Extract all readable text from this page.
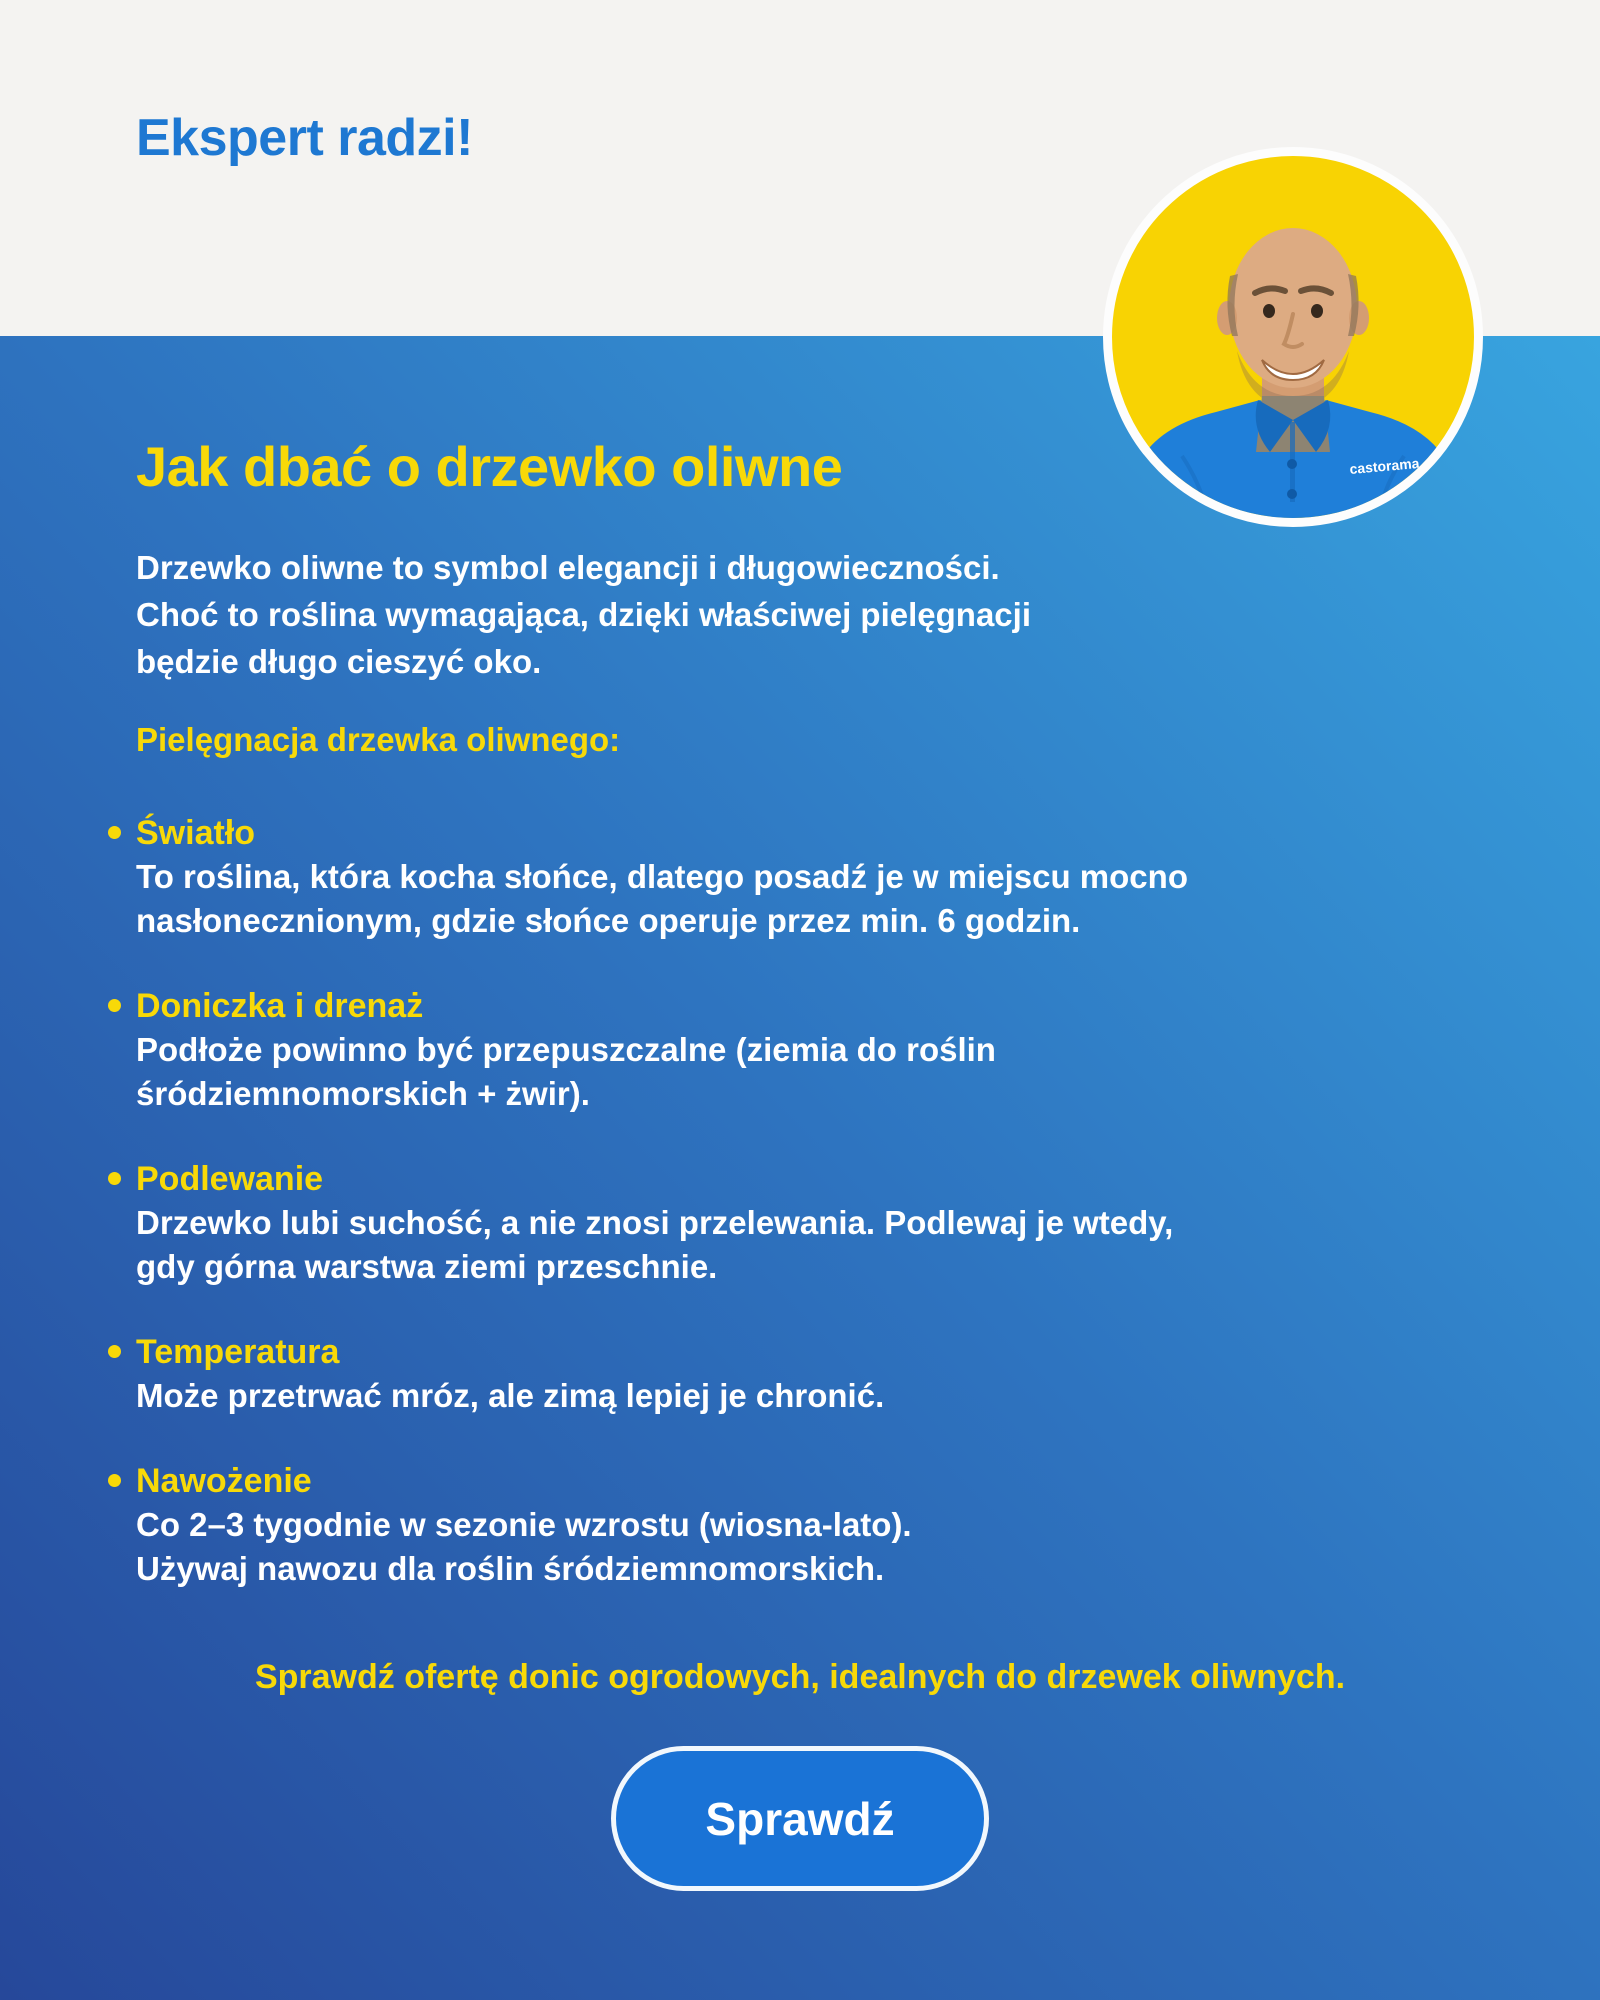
Ekspert radzi!
Jak dbać o drzewko oliwne

Drzewko oliwne to symbol elegancji i długowieczności.
Choć to roślina wymagająca, dzięki właściwej pielęgnacji
będzie długo cieszyć oko.

Pielęgnacja drzewka oliwnego:

Światło
To roślina, która kocha słońce, dlatego posadź je w miejscu mocno
nasłonecznionym, gdzie słońce operuje przez min. 6 godzin.
Doniczka i drenaż
Podłoże powinno być przepuszczalne (ziemia do roślin
śródziemnomorskich + żwir).
Podlewanie
Drzewko lubi suchość, a nie znosi przelewania. Podlewaj je wtedy,
gdy górna warstwa ziemi przeschnie.
Temperatura
Może przetrwać mróz, ale zimą lepiej je chronić.
Nawożenie
Co 2–3 tygodnie w sezonie wzrostu (wiosna-lato).
Używaj nawozu dla roślin śródziemnomorskich.

Sprawdź ofertę donic ogrodowych, idealnych do drzewek oliwnych.

Sprawdź
castorama
